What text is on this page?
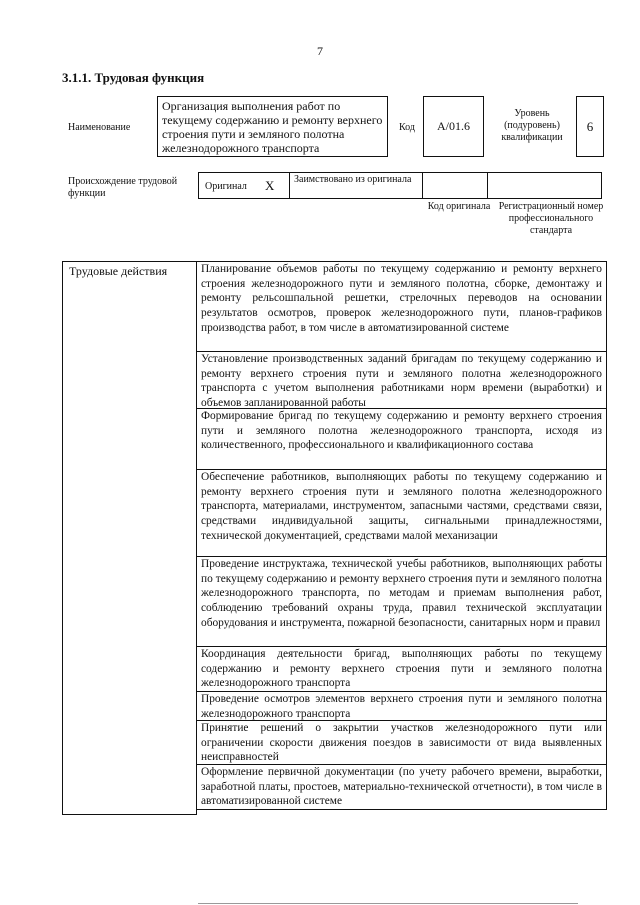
7
3.1.1. Трудовая функция
Наименование
Организация выполнения работ по текущему содержанию и ремонту верхнего строения пути и земляного полотна железнодорожного транспорта
Код	A/01.6
Уровень (подуровень) квалификации
6
Происхождение трудовой функции
Оригинал X Заимствовано из оригинала
Код оригинала Регистрационный номер профессионального стандарта
Трудовые действия	Планирование объемов работы по текущему содержанию и ремонту верхнего строения железнодорожного пути и земляного полотна, сборке, демонтажу и ремонту рельсошпальной решетки, стрелочных переводов на основании результатов осмотров, проверок железнодорожного пути, планов-графиков производства работ, в том числе в автоматизированной системе
Установление производственных заданий бригадам по текущему содержанию и ремонту верхнего строения пути и земляного полотна железнодорожного транспорта с учетом выполнения работниками норм времени (выработки) и объемов запланированной работы
Формирование бригад по текущему содержанию и ремонту верхнего строения пути и земляного полотна железнодорожного транспорта, исходя из количественного, профессионального и квалификационного состава
Обеспечение работников, выполняющих работы по текущему содержанию и ремонту верхнего строения пути и земляного полотна железнодорожного транспорта, материалами, инструментом, запасными частями, средствами связи, средствами индивидуальной защиты, сигнальными принадлежностями, технической документацией, средствами малой механизации
Проведение инструктажа, технической учебы работников, выполняющих работы по текущему содержанию и ремонту верхнего строения пути и земляного полотна железнодорожного транспорта, по методам и приемам выполнения работ, соблюдению требований охраны труда, правил технической эксплуатации оборудования и инструмента, пожарной безопасности, санитарных норм и правил
Координация деятельности бригад, выполняющих работы по текущему содержанию и ремонту верхнего строения пути и земляного полотна железнодорожного транспорта
Проведение осмотров элементов верхнего строения пути и земляного полотна железнодорожного транспорта
Принятие решений о закрытии участков железнодорожного пути или ограничении скорости движения поездов в зависимости от вида выявленных неисправностей
Оформление первичной документации (по учету рабочего времени, выработки, заработной платы, простоев, материально-технической отчетности), в том числе в автоматизированной системе
